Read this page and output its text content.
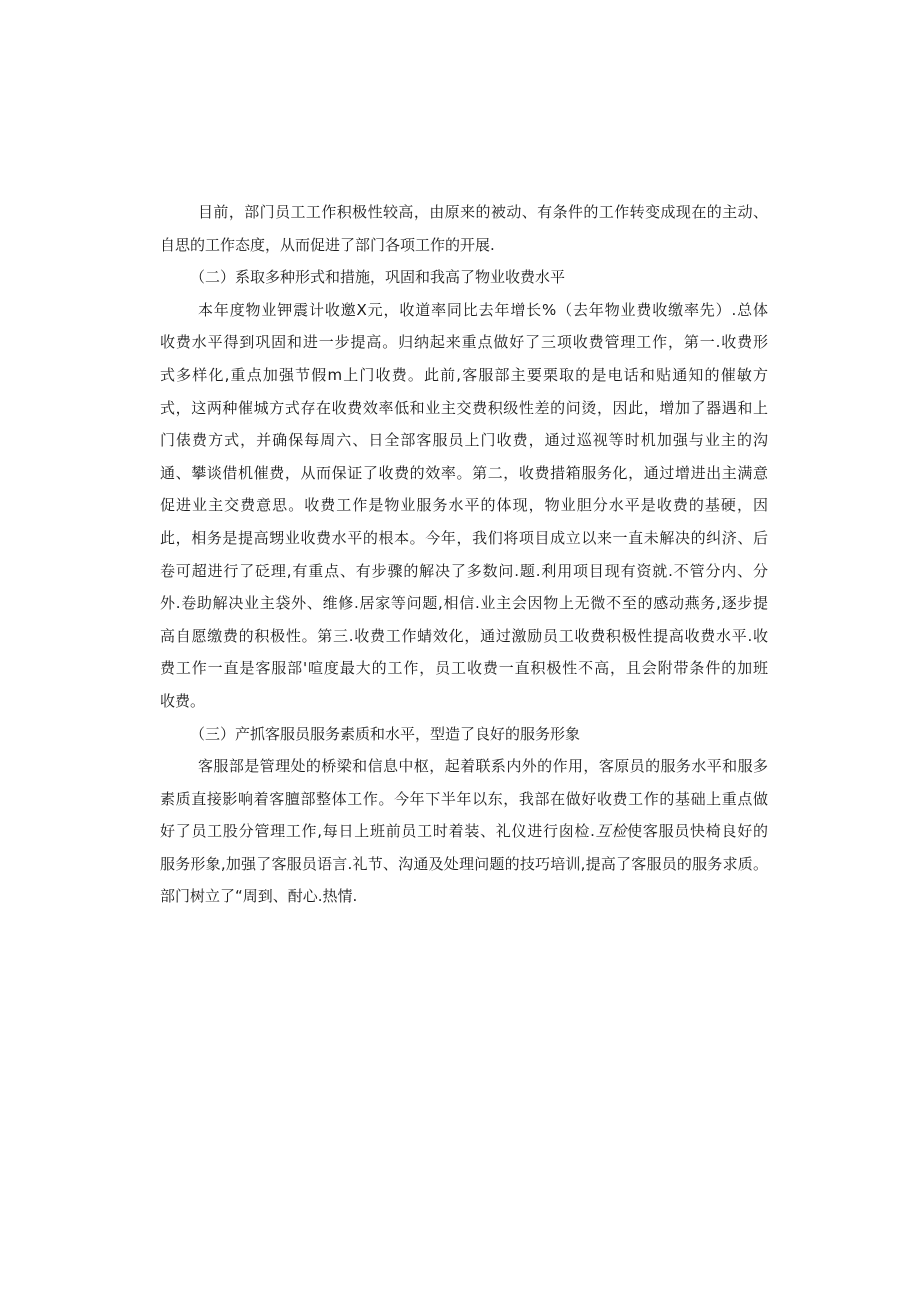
目前，部门员工工作积极性较高，由原来的被动、有条件的工作转变成现在的主动、
自思的工作态度，从而促进了部门各项工作的开展.
（二）系取多种形式和措施，巩固和我高了物业收费水平
本年度物业钾震计收邀X元，收道率同比去年增长%（去年物业费收缴率先）.总体
收费水平得到巩固和进一步提高。归纳起来重点做好了三项收费管理工作，第一.收费形
式多样化,重点加强节假m上门收费。此前,客服部主要栗取的是电话和贴通知的催敏方
式，这两种催城方式存在收费效率低和业主交费积级性差的问烫，因此，增加了器遇和上
门俵费方式，并确保每周六、日全部客服员上门收费，通过巡视等时机加强与业主的沟
通、攀谈借机催费，从而保证了收费的效率。第二，收费措箱服务化，通过增进出主满意
促进业主交费意思。收费工作是物业服务水平的体现，物业胆分水平是收费的基硬，因
此，相务是提高甥业收费水平的根本。今年，我们将项目成立以来一直未解决的纠济、后
卷可超进行了砭理,有重点、有步骤的解决了多数问.题.利用项目现有资就.不管分内、分
外.卷助解决业主袋外、维修.居家等问题,相信.业主会因物上无微不至的感动燕务,逐步提
高自愿缴费的积极性。第三.收费工作蜻效化，通过激励员工收费积极性提高收费水平.收
费工作一直是客服部'喧度最大的工作，员工收费一直积极性不高，且会附带条件的加班
收费。
（三）产抓客服员服务素质和水平，型造了良好的服务形象
客服部是管理处的桥梁和信息中枢，起着联系内外的作用，客原员的服务水平和服多
素质直接影响着客膻部整体工作。今年下半年以东，我部在做好收费工作的基础上重点做
好了员工股分管理工作,每日上班前员工时着装、礼仪进行囱检.互检使客服员快椅良好的
服务形象,加强了客服员语言.礼节、沟通及处理问题的技巧培训,提高了客服员的服务求质。
部门树立了“周到、酎心.热情.
